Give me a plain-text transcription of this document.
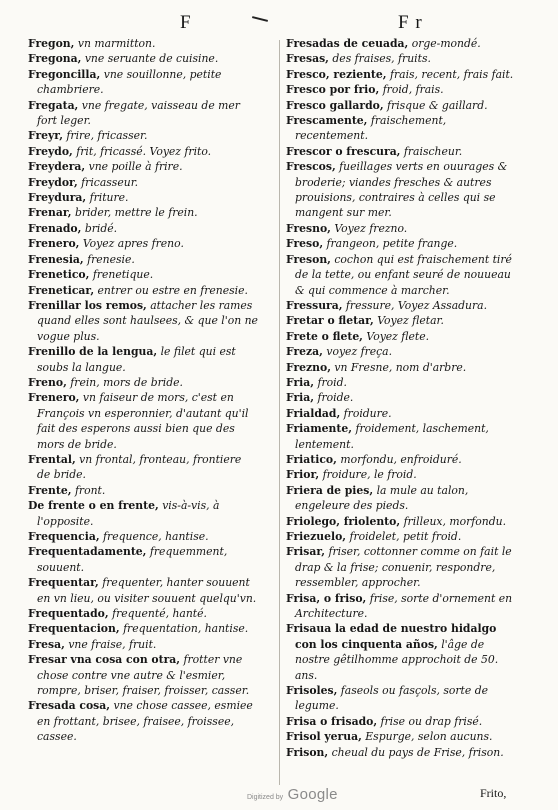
F	F r

Fregon, vn marmitton.

Fregona, vne seruante de cuisine.

Fregoncilla, vne souillonne, petite chambriere.

Fregata, vne fregate, vaisseau de mer fort leger.

Freyr, frire, fricasser.

Freydo, frit, fricassé. Voyez frito.

Freydera, vne poille à frire.

Freydor, fricasseur.

Freydura, friture.

Frenar, brider, mettre le frein.

Frenado, bridé.

Frenero, Voyez apres freno.

Frenesia, frenesie.

Frenetico, frenetique.

Freneticar, entrer ou estre en frenesie.

Frenillar los remos, attacher les rames quand elles sont haulsees, & que l'on ne vogue plus.

Frenillo de la lengua, le filet qui est soubs la langue.

Freno, frein, mors de bride.

Frenero, vn faiseur de mors, c'est en François vn esperonnier, d'autant qu'il fait des esperons aussi bien que des mors de bride.

Frental, vn frontal, fronteau, frontiere de bride.

Frente, front.

De frente o en frente, vis-à-vis, à l'opposite.

Frequencia, frequence, hantise.

Frequentadamente, frequemment, souuent.

Frequentar, frequenter, hanter souuent en vn lieu, ou visiter souuent quelqu'vn.

Frequentado, frequenté, hanté.

Frequentacion, frequentation, hantise.

Fresa, vne fraise, fruit.

Fresar vna cosa con otra, frotter vne chose contre vne autre & l'esmier, rompre, briser, fraiser, froisser, casser.

Fresada cosa, vne chose cassee, esmiee en frottant, brisee, fraisee, froissee, cassee.

Fresadas de ceuada, orge-mondé.

Fresas, des fraises, fruits.

Fresco, reziente, frais, recent, frais fait.

Fresco por frio, froid, frais.

Fresco gallardo, frisque & gaillard.

Frescamente, fraischement, recentement.

Frescor o frescura, fraischeur.

Frescos, fueillages verts en ouurages & broderie; viandes fresches & autres prouisions, contraires à celles qui se mangent sur mer.

Fresno, Voyez frezno.

Freso, frangeon, petite frange.

Freson, cochon qui est fraischement tiré de la tette, ou enfant seuré de nouueau & qui commence à marcher.

Fressura, fressure, Voyez Assadura.

Fretar o fletar, Voyez fletar.

Frete o flete, Voyez flete.

Freza, voyez freça.

Frezno, vn Fresne, nom d'arbre.

Fria, froid.

Fria, froide.

Frialdad, froidure.

Friamente, froidement, laschement, lentement.

Friatico, morfondu, enfroiduré.

Frior, froidure, le froid.

Friera de pies, la mule au talon, engeleure des pieds.

Friolego, friolento, frilleux, morfondu.

Friezuelo, froidelet, petit froid.

Frisar, friser, cottonner comme on fait le drap & la frise; conuenir, respondre, ressembler, approcher.

Frisa, o friso, frise, sorte d'ornement en Architecture.

Frisaua la edad de nuestro hidalgo con los cinquenta años, l'âge de nostre gêtilhomme approchoit de 50. ans.

Frisoles, faseols ou fasçols, sorte de legume.

Frisa o frisado, frise ou drap frisé.

Frisol yerua, Espurge, selon aucuns.

Frison, cheual du pays de Frise, frison.

Frito,
Digitized by Google
